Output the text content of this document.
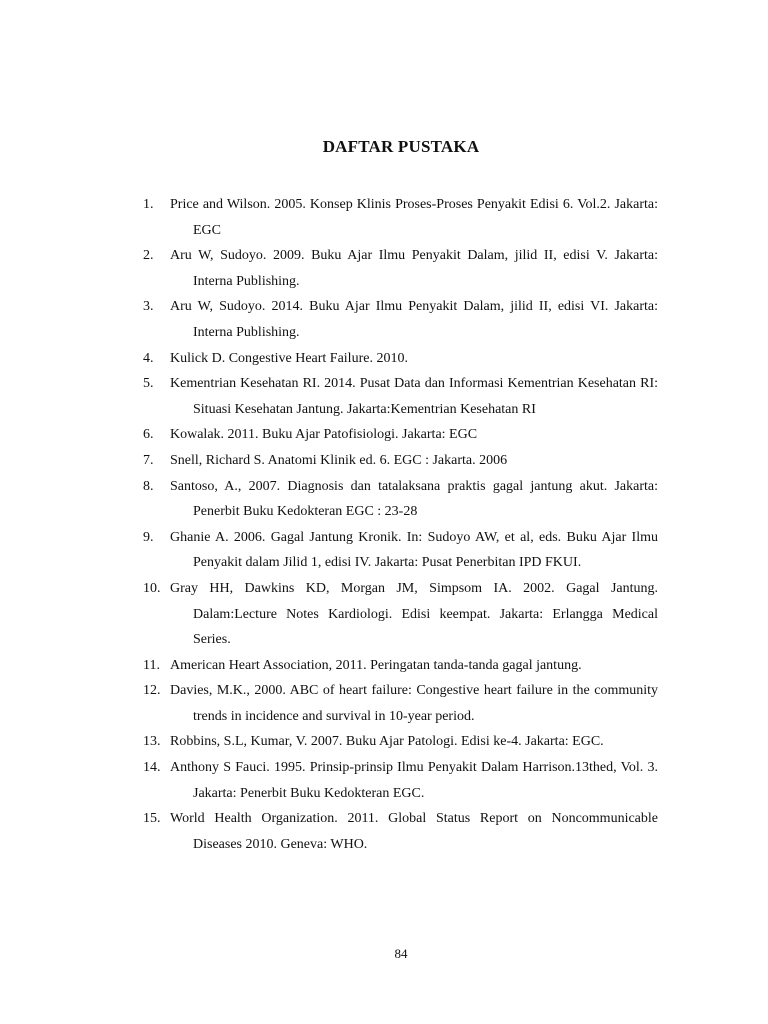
DAFTAR PUSTAKA
1.	Price and Wilson. 2005. Konsep Klinis Proses-Proses Penyakit Edisi 6. Vol.2. Jakarta: EGC
2.	Aru W, Sudoyo. 2009. Buku Ajar Ilmu Penyakit Dalam, jilid II, edisi V. Jakarta: Interna Publishing.
3.	Aru W, Sudoyo. 2014. Buku Ajar Ilmu Penyakit Dalam, jilid II, edisi VI. Jakarta: Interna Publishing.
4.	Kulick D. Congestive Heart Failure. 2010.
5.	Kementrian Kesehatan RI. 2014. Pusat Data dan Informasi Kementrian Kesehatan RI: Situasi Kesehatan Jantung. Jakarta:Kementrian Kesehatan RI
6.	Kowalak. 2011. Buku Ajar Patofisiologi. Jakarta: EGC
7.	Snell, Richard S. Anatomi Klinik ed. 6. EGC : Jakarta. 2006
8.	Santoso, A., 2007. Diagnosis dan tatalaksana praktis gagal jantung akut. Jakarta: Penerbit Buku Kedokteran EGC : 23-28
9.	Ghanie A. 2006. Gagal Jantung Kronik. In: Sudoyo AW, et al, eds. Buku Ajar Ilmu Penyakit dalam Jilid 1, edisi IV. Jakarta: Pusat Penerbitan IPD FKUI.
10. Gray HH, Dawkins KD, Morgan JM, Simpsom IA. 2002. Gagal Jantung. Dalam:Lecture Notes Kardiologi. Edisi keempat. Jakarta: Erlangga Medical Series.
11. American Heart Association, 2011. Peringatan tanda-tanda gagal jantung.
12. Davies, M.K., 2000. ABC of heart failure: Congestive heart failure in the community trends in incidence and survival in 10-year period.
13. Robbins, S.L, Kumar, V. 2007. Buku Ajar Patologi. Edisi ke-4. Jakarta: EGC.
14. Anthony S Fauci. 1995. Prinsip-prinsip Ilmu Penyakit Dalam Harrison.13thed, Vol. 3. Jakarta: Penerbit Buku Kedokteran EGC.
15. World Health Organization. 2011. Global Status Report on Noncommunicable Diseases 2010. Geneva: WHO.
84
